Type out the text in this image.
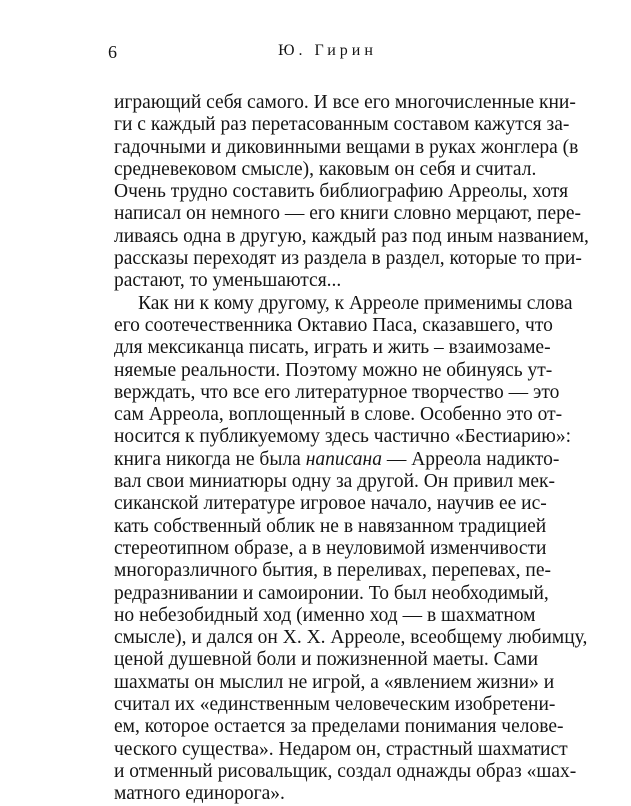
6	Ю. Гирин
играющий себя самого. И все его многочисленные кни-
ги с каждый раз перетасованным составом кажутся за-
гадочными и диковинными вещами в руках жонглера (в
средневековом смысле), каковым он себя и считал.
Очень трудно составить библиографию Арреолы, хотя
написал он немного — его книги словно мерцают, пере-
ливаясь одна в другую, каждый раз под иным названием,
рассказы переходят из раздела в раздел, которые то при-
растают, то уменьшаются...
Как ни к кому другому, к Арреоле применимы слова
его соотечественника Октавио Паса, сказавшего, что
для мексиканца писать, играть и жить – взаимозаме-
няемые реальности. Поэтому можно не обинуясь ут-
верждать, что все его литературное творчество — это
сам Арреола, воплощенный в слове. Особенно это от-
носится к публикуемому здесь частично «Бестиарию»:
книга никогда не была написана — Арреола надикто-
вал свои миниатюры одну за другой. Он привил мек-
сиканской литературе игровое начало, научив ее ис-
кать собственный облик не в навязанном традицией
стереотипном образе, а в неуловимой изменчивости
многоразличного бытия, в переливах, перепевах, пе-
редразнивании и самоиронии. То был необходимый,
но небезобидный ход (именно ход — в шахматном
смысле), и дался он Х. Х. Арреоле, всеобщему любимцу,
ценой душевной боли и пожизненной маеты. Сами
шахматы он мыслил не игрой, а «явлением жизни» и
считал их «единственным человеческим изобретени-
ем, которое остается за пределами понимания челове-
ческого существа». Недаром он, страстный шахматист
и отменный рисовальщик, создал однажды образ «шах-
матного единорога».
